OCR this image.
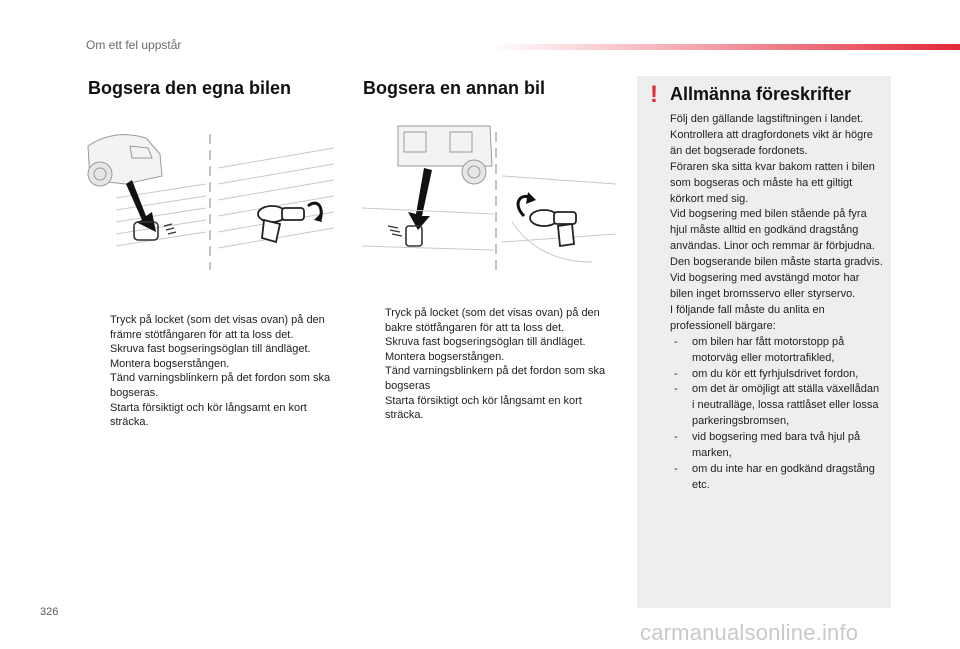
Om ett fel uppstår
Bogsera den egna bilen
Tryck på locket (som det visas ovan) på den främre stötfångaren för att ta loss det.
Skruva fast bogseringsöglan till ändläget.
Montera bogserstången.
Tänd varningsblinkern på det fordon som ska bogseras.
Starta försiktigt och kör långsamt en kort sträcka.
Bogsera en annan bil
Tryck på locket (som det visas ovan) på den bakre stötfångaren för att ta loss det.
Skruva fast bogseringsöglan till ändläget.
Montera bogserstången.
Tänd varningsblinkern på det fordon som ska bogseras
Starta försiktigt och kör långsamt en kort sträcka.
! Allmänna föreskrifter

Följ den gällande lagstiftningen i landet.

Kontrollera att dragfordonets vikt är högre än det bogserade fordonets.

Föraren ska sitta kvar bakom ratten i bilen som bogseras och måste ha ett giltigt körkort med sig.

Vid bogsering med bilen stående på fyra hjul måste alltid en godkänd dragstång användas. Linor och remmar är förbjudna.

Den bogserande bilen måste starta gradvis.

Vid bogsering med avstängd motor har bilen inget bromsservo eller styrservo.

I följande fall måste du anlita en professionell bärgare:

- om bilen har fått motorstopp på motorväg eller motortrafikled,
- om du kör ett fyrhjulsdrivet fordon,
- om det är omöjligt att ställa växellådan i neutralläge, lossa rattlåset eller lossa parkeringsbromsen,
- vid bogsering med bara två hjul på marken,
- om du inte har en godkänd dragstång etc.
326
carmanualsonline.info
